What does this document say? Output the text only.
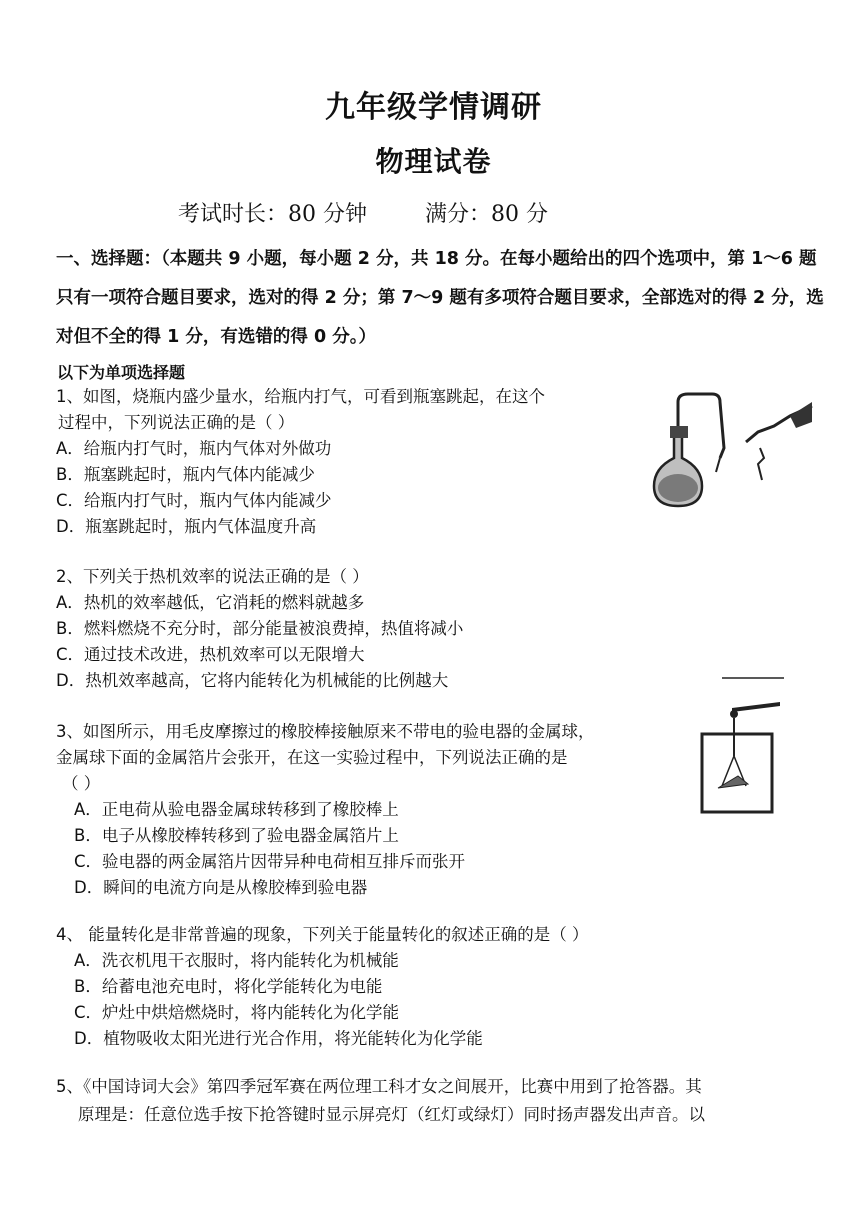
九年级学情调研
物理试卷
考试时长：80 分钟	满分：80 分
一、选择题：（本题共 9 小题，每小题 2 分，共 18 分。在每小题给出的四个选项中，第 1～6 题只有一项符合题目要求，选对的得 2 分；第 7～9 题有多项符合题目要求，全部选对的得 2 分，选对但不全的得 1 分，有选错的得 0 分。）
以下为单项选择题
1、如图，烧瓶内盛少量水，给瓶内打气，可看到瓶塞跳起，在这个
过程中，下列说法正确的是（ ）
A．给瓶内打气时，瓶内气体对外做功
B．瓶塞跳起时，瓶内气体内能减少
C．给瓶内打气时，瓶内气体内能减少
D．瓶塞跳起时，瓶内气体温度升高
2、下列关于热机效率的说法正确的是（ ）
A．热机的效率越低，它消耗的燃料就越多
B．燃料燃烧不充分时，部分能量被浪费掉，热值将减小
C．通过技术改进，热机效率可以无限增大
D．热机效率越高，它将内能转化为机械能的比例越大
3、如图所示，用毛皮摩擦过的橡胶棒接触原来不带电的验电器的金属球，
金属球下面的金属箔片会张开，在这一实验过程中，下列说法正确的是
（ ）
A．正电荷从验电器金属球转移到了橡胶棒上
B．电子从橡胶棒转移到了验电器金属箔片上
C．验电器的两金属箔片因带异种电荷相互排斥而张开
D．瞬间的电流方向是从橡胶棒到验电器
4、 能量转化是非常普遍的现象，下列关于能量转化的叙述正确的是（ ）
A．洗衣机甩干衣服时，将内能转化为机械能
B．给蓄电池充电时，将化学能转化为电能
C．炉灶中烘焙燃烧时，将内能转化为化学能
D．植物吸收太阳光进行光合作用，将光能转化为化学能
5、《中国诗词大会》第四季冠军赛在两位理工科才女之间展开，比赛中用到了抢答器。其
原理是：任意位选手按下抢答键时显示屏亮灯（红灯或绿灯）同时扬声器发出声音。以
